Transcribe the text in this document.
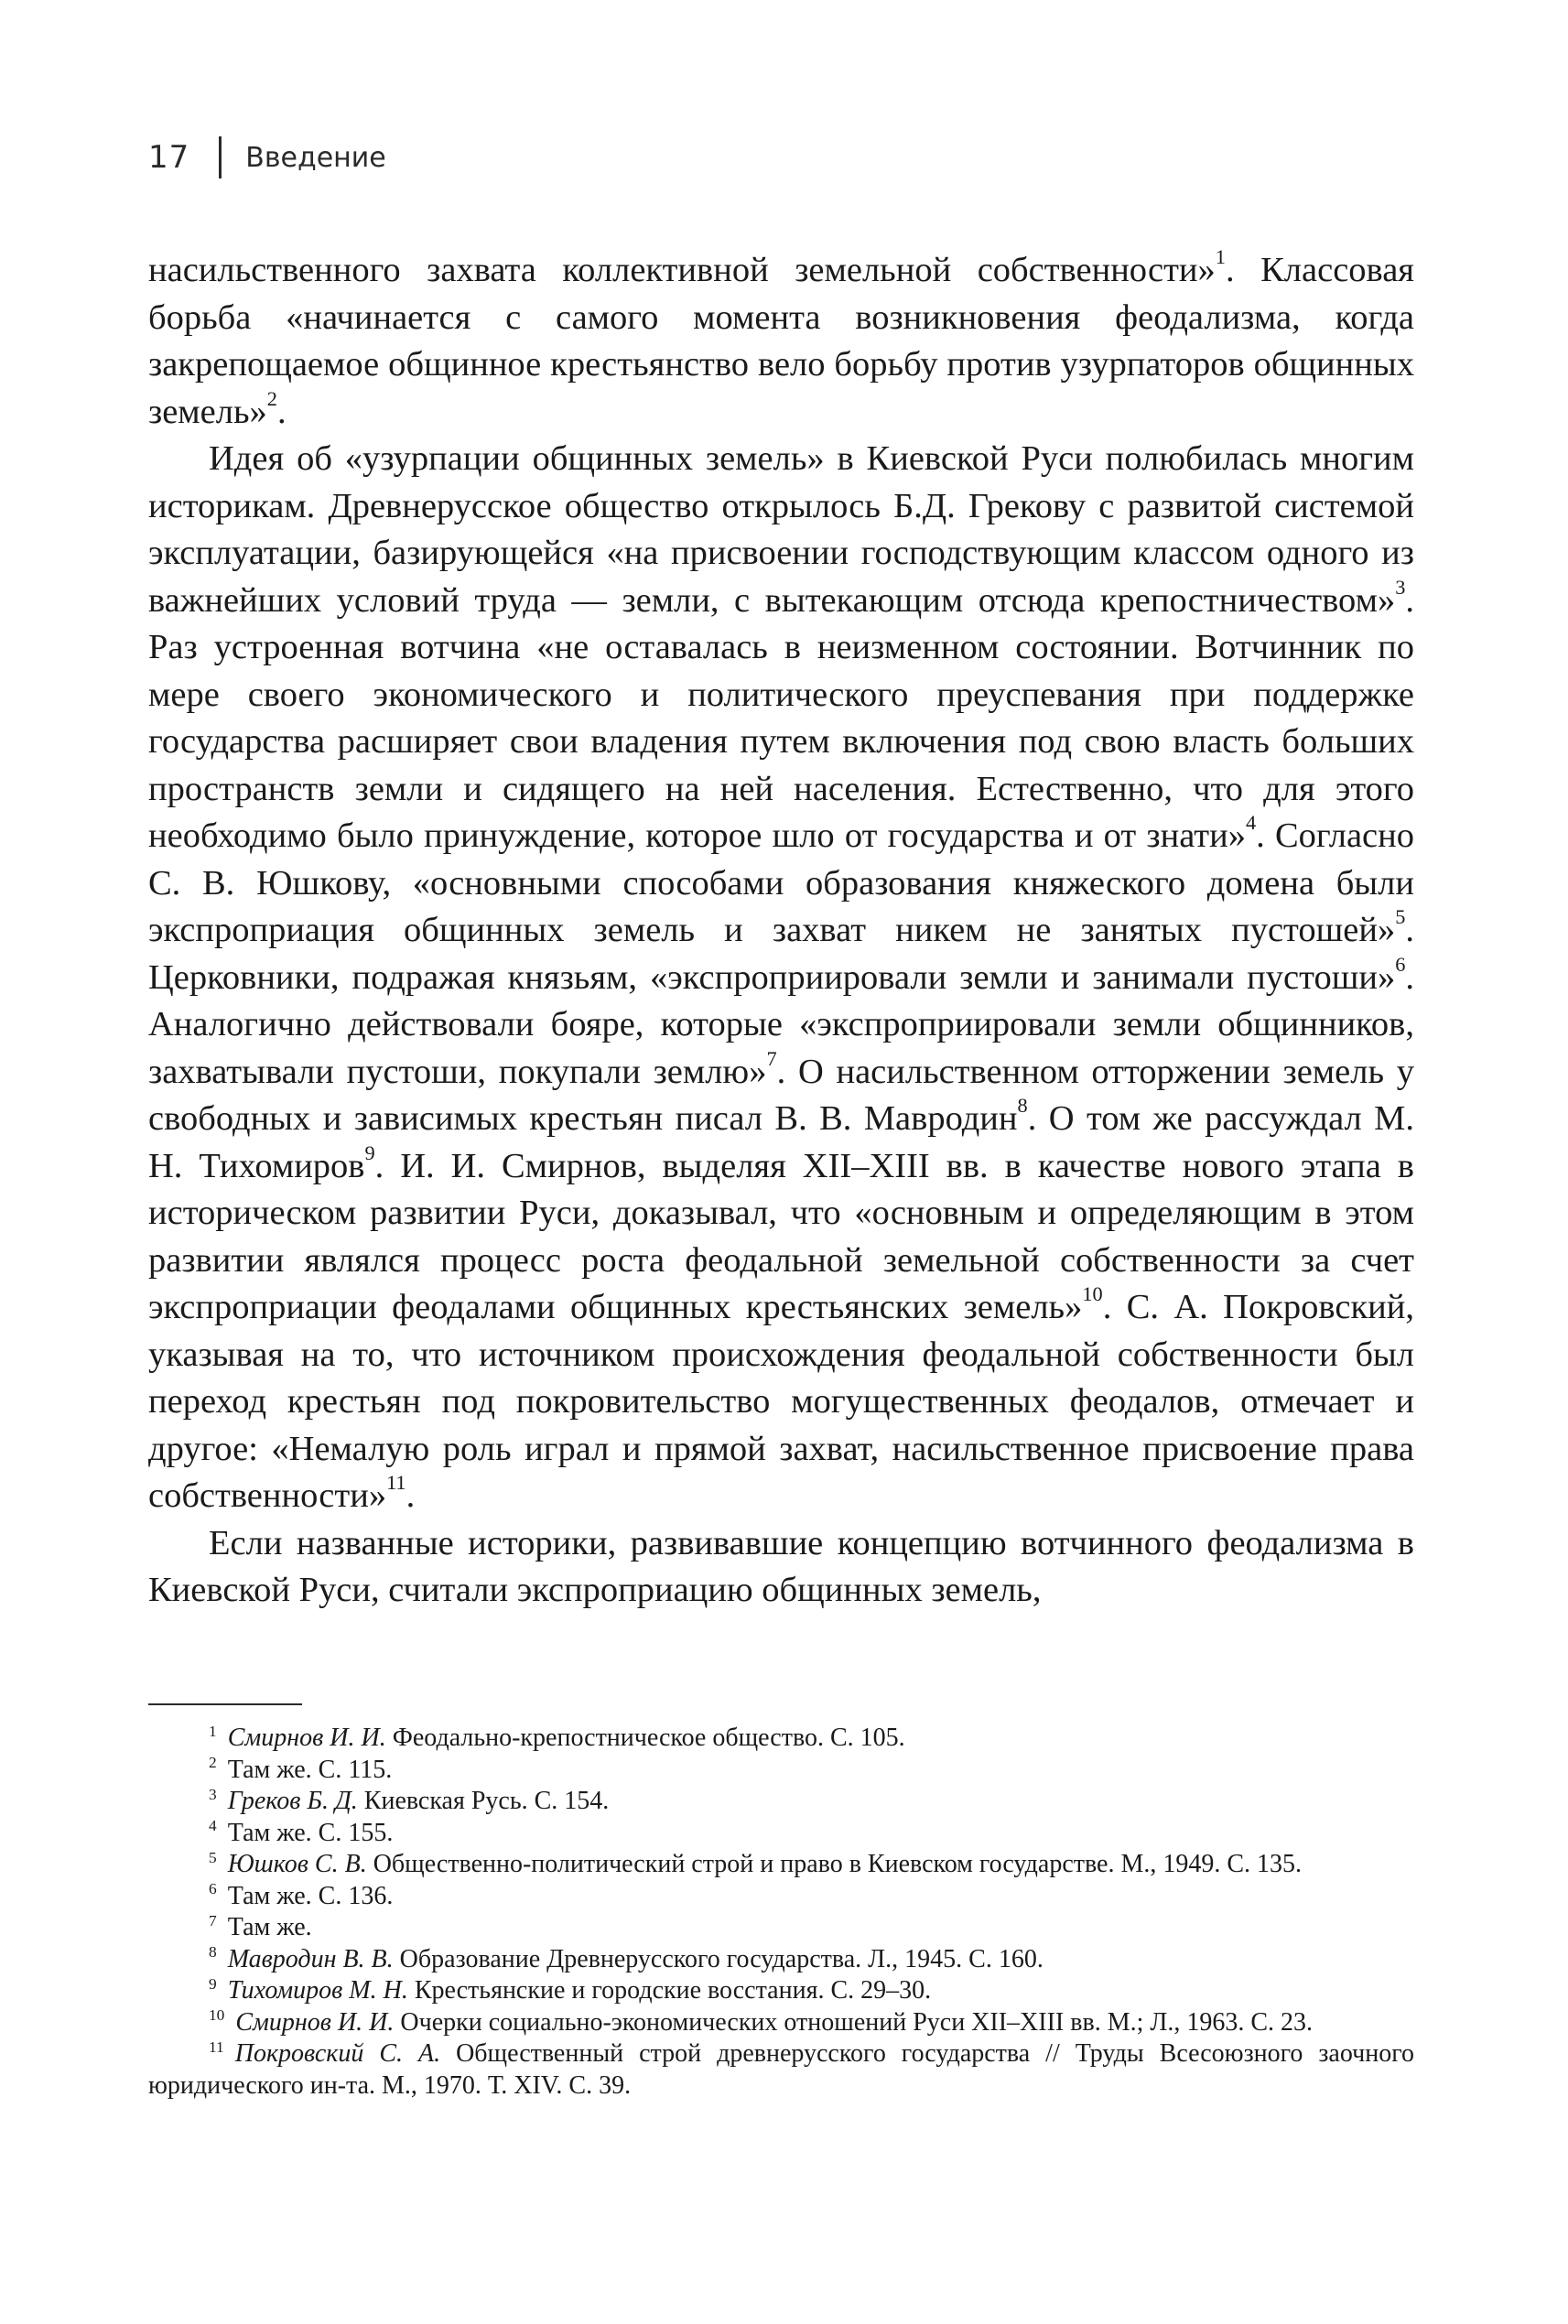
17 Введение

насильственного захвата коллективной земельной собственности»$^1$. Классовая борьба «начинается с самого момента возникновения феодализма, когда закрепощаемое общинное крестьянство вело борьбу против узурпаторов общинных земель»$^2$.

Идея об «узурпации общинных земель» в Киевской Руси полюбилась многим историкам. Древнерусское общество открылось Б.Д. Грекову с развитой системой эксплуатации, базирующейся «на присвоении господствующим классом одного из важнейших условий труда — земли, с вытекающим отсюда крепостничеством»$^3$. Раз устроенная вотчина «не оставалась в неизменном состоянии. Вотчинник по мере своего экономического и политического преуспевания при поддержке государства расширяет свои владения путем включения под свою власть больших пространств земли и сидящего на ней населения. Естественно, что для этого необходимо было принуждение, которое шло от государства и от знати»$^4$. Согласно С. В. Юшкову, «основными способами образования княжеского домена были экспроприация общинных земель и захват никем не занятых пустошей»$^5$. Церковники, подражая князьям, «экспроприировали земли и занимали пустоши»$^6$. Аналогично действовали бояре, которые «экспроприировали земли общинников, захватывали пустоши, покупали землю»$^7$. О насильственном отторжении земель у свободных и зависимых крестьян писал В. В. Мавродин$^8$. О том же рассуждал М. Н. Тихомиров$^9$. И. И. Смирнов, выделяя XII–XIII вв. в качестве нового этапа в историческом развитии Руси, доказывал, что «основным и определяющим в этом развитии являлся процесс роста феодальной земельной собственности за счет экспроприации феодалами общинных крестьянских земель»$^{10}$. С. А. Покровский, указывая на то, что источником происхождения феодальной собственности был переход крестьян под покровительство могущественных феодалов, отмечает и другое: «Немалую роль играл и прямой захват, насильственное присвоение права собственности»$^{11}$.

Если названные историки, развивавшие концепцию вотчинного феодализма в Киевской Руси, считали экспроприацию общинных земель,

$^1$ Смирнов И. И. Феодально-крепостническое общество. С. 105.

$^2$ Там же. С. 115.

$^3$ Греков Б. Д. Киевская Русь. С. 154.

$^4$ Там же. С. 155.

$^5$ Юшков С. В. Общественно-политический строй и право в Киевском государстве. М., 1949. С. 135.

$^6$ Там же. С. 136.

$^7$ Там же.

$^8$ Мавродин В. В. Образование Древнерусского государства. Л., 1945. С. 160.

$^9$ Тихомиров М. Н. Крестьянские и городские восстания. С. 29–30.

$^{10}$ Смирнов И. И. Очерки социально-экономических отношений Руси XII–XIII вв. М.; Л., 1963. С. 23.

$^{11}$ Покровский С. А. Общественный строй древнерусского государства // Труды Всесоюзного заочного юридического ин-та. М., 1970. Т. XIV. С. 39.
